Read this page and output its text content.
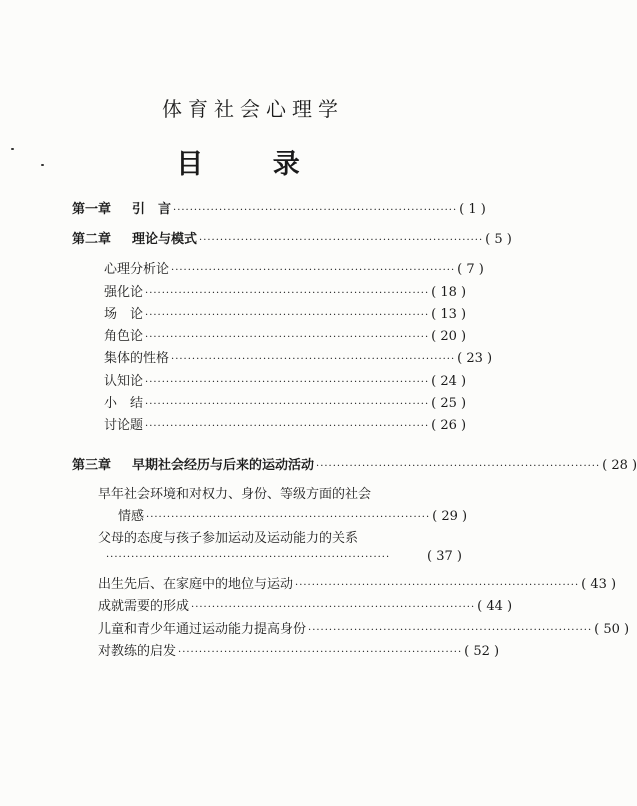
体育社会心理学
目 录
第一章 引　言 ···································································· ( 1 )
第二章 理论与模式 ···································································· ( 5 )
心理分析论 ···································································· ( 7 )
强化论 ···································································· ( 18 )
场　论 ···································································· ( 13 )
角色论 ···································································· ( 20 )
集体的性格 ···································································· ( 23 )
认知论 ···································································· ( 24 )
小　结 ···································································· ( 25 )
讨论题 ···································································· ( 26 )
第三章 早期社会经历与后来的运动活动 ···································································· ( 28 )
早年社会环境和对权力、身份、等级方面的社会
情感 ···································································· ( 29 )
父母的态度与孩子参加运动及运动能力的关系
····································································	( 37 )
出生先后、在家庭中的地位与运动 ···································································· ( 43 )
成就需要的形成 ···································································· ( 44 )
儿童和青少年通过运动能力提高身份 ···································································· ( 50 )
对教练的启发 ···································································· ( 52 )
